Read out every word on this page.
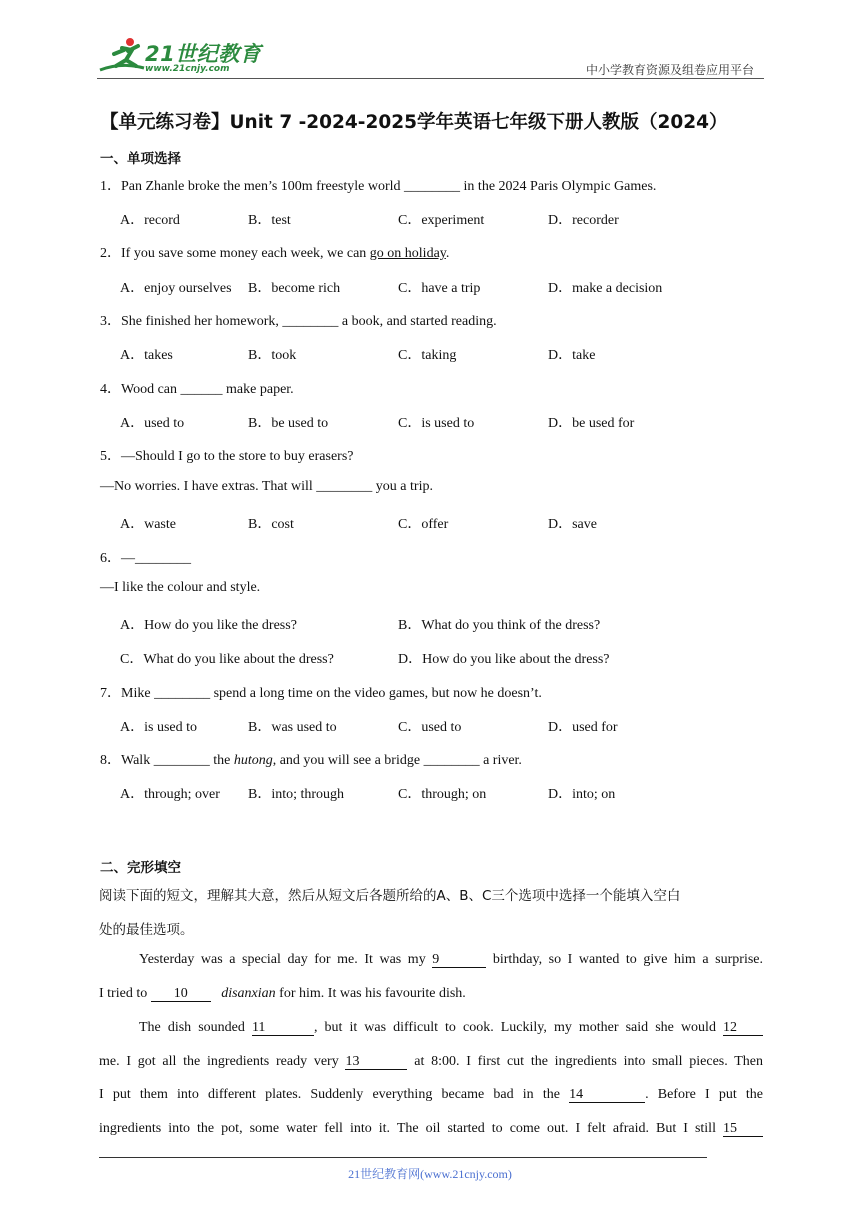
21世纪教育
www.21cnjy.com	中小学教育资源及组卷应用平台
【单元练习卷】Unit 7 -2024-2025学年英语七年级下册人教版（2024）
一、单项选择
1．Pan Zhanle broke the men’s 100m freestyle world ________ in the 2024 Paris Olympic Games.
A．record	B．test	C．experiment	D．recorder
2．If you save some money each week, we can go on holiday.
A．enjoy ourselves B．become rich	C．have a trip	D．make a decision
3．She finished her homework, ________ a book, and started reading.
A．takes	B．took	C．taking	D．take
4．Wood can ______ make paper.
A．used to	B．be used to	C．is used to	D．be used for
5．—Should I go to the store to buy erasers?
—No worries. I have extras. That will ________ you a trip.
A．waste	B．cost	C．offer	D．save
6．—________
—I like the colour and style.
A．How do you like the dress?	B．What do you think of the dress?
C．What do you like about the dress?	D．How do you like about the dress?
7．Mike ________ spend a long time on the video games, but now he doesn’t.
A．is used to	B．was used to	C．used to	D．used for
8．Walk ________ the hutong, and you will see a bridge ________ a river.
A．through; over B．into; through	C．through; on	D．into; on
二、完形填空
阅读下面的短文，理解其大意，然后从短文后各题所给的A、B、C三个选项中选择一个能填入空白
处的最佳选项。
Yesterday was a special day for me. It was my 9	birthday, so I wanted to give him a surprise.
I tried to 10 disanxian for him. It was his favourite dish.
The dish sounded 11	, but it was difficult to cook. Luckily, my mother said she would 12
me. I got all the ingredients ready very 13	at 8:00. I first cut the ingredients into small pieces. Then
I put them into different plates. Suddenly everything became bad in the 14	. Before I put the
ingredients into the pot, some water fell into it. The oil started to come out. I felt afraid. But I still 15
21世纪教育网(www.21cnjy.com)
